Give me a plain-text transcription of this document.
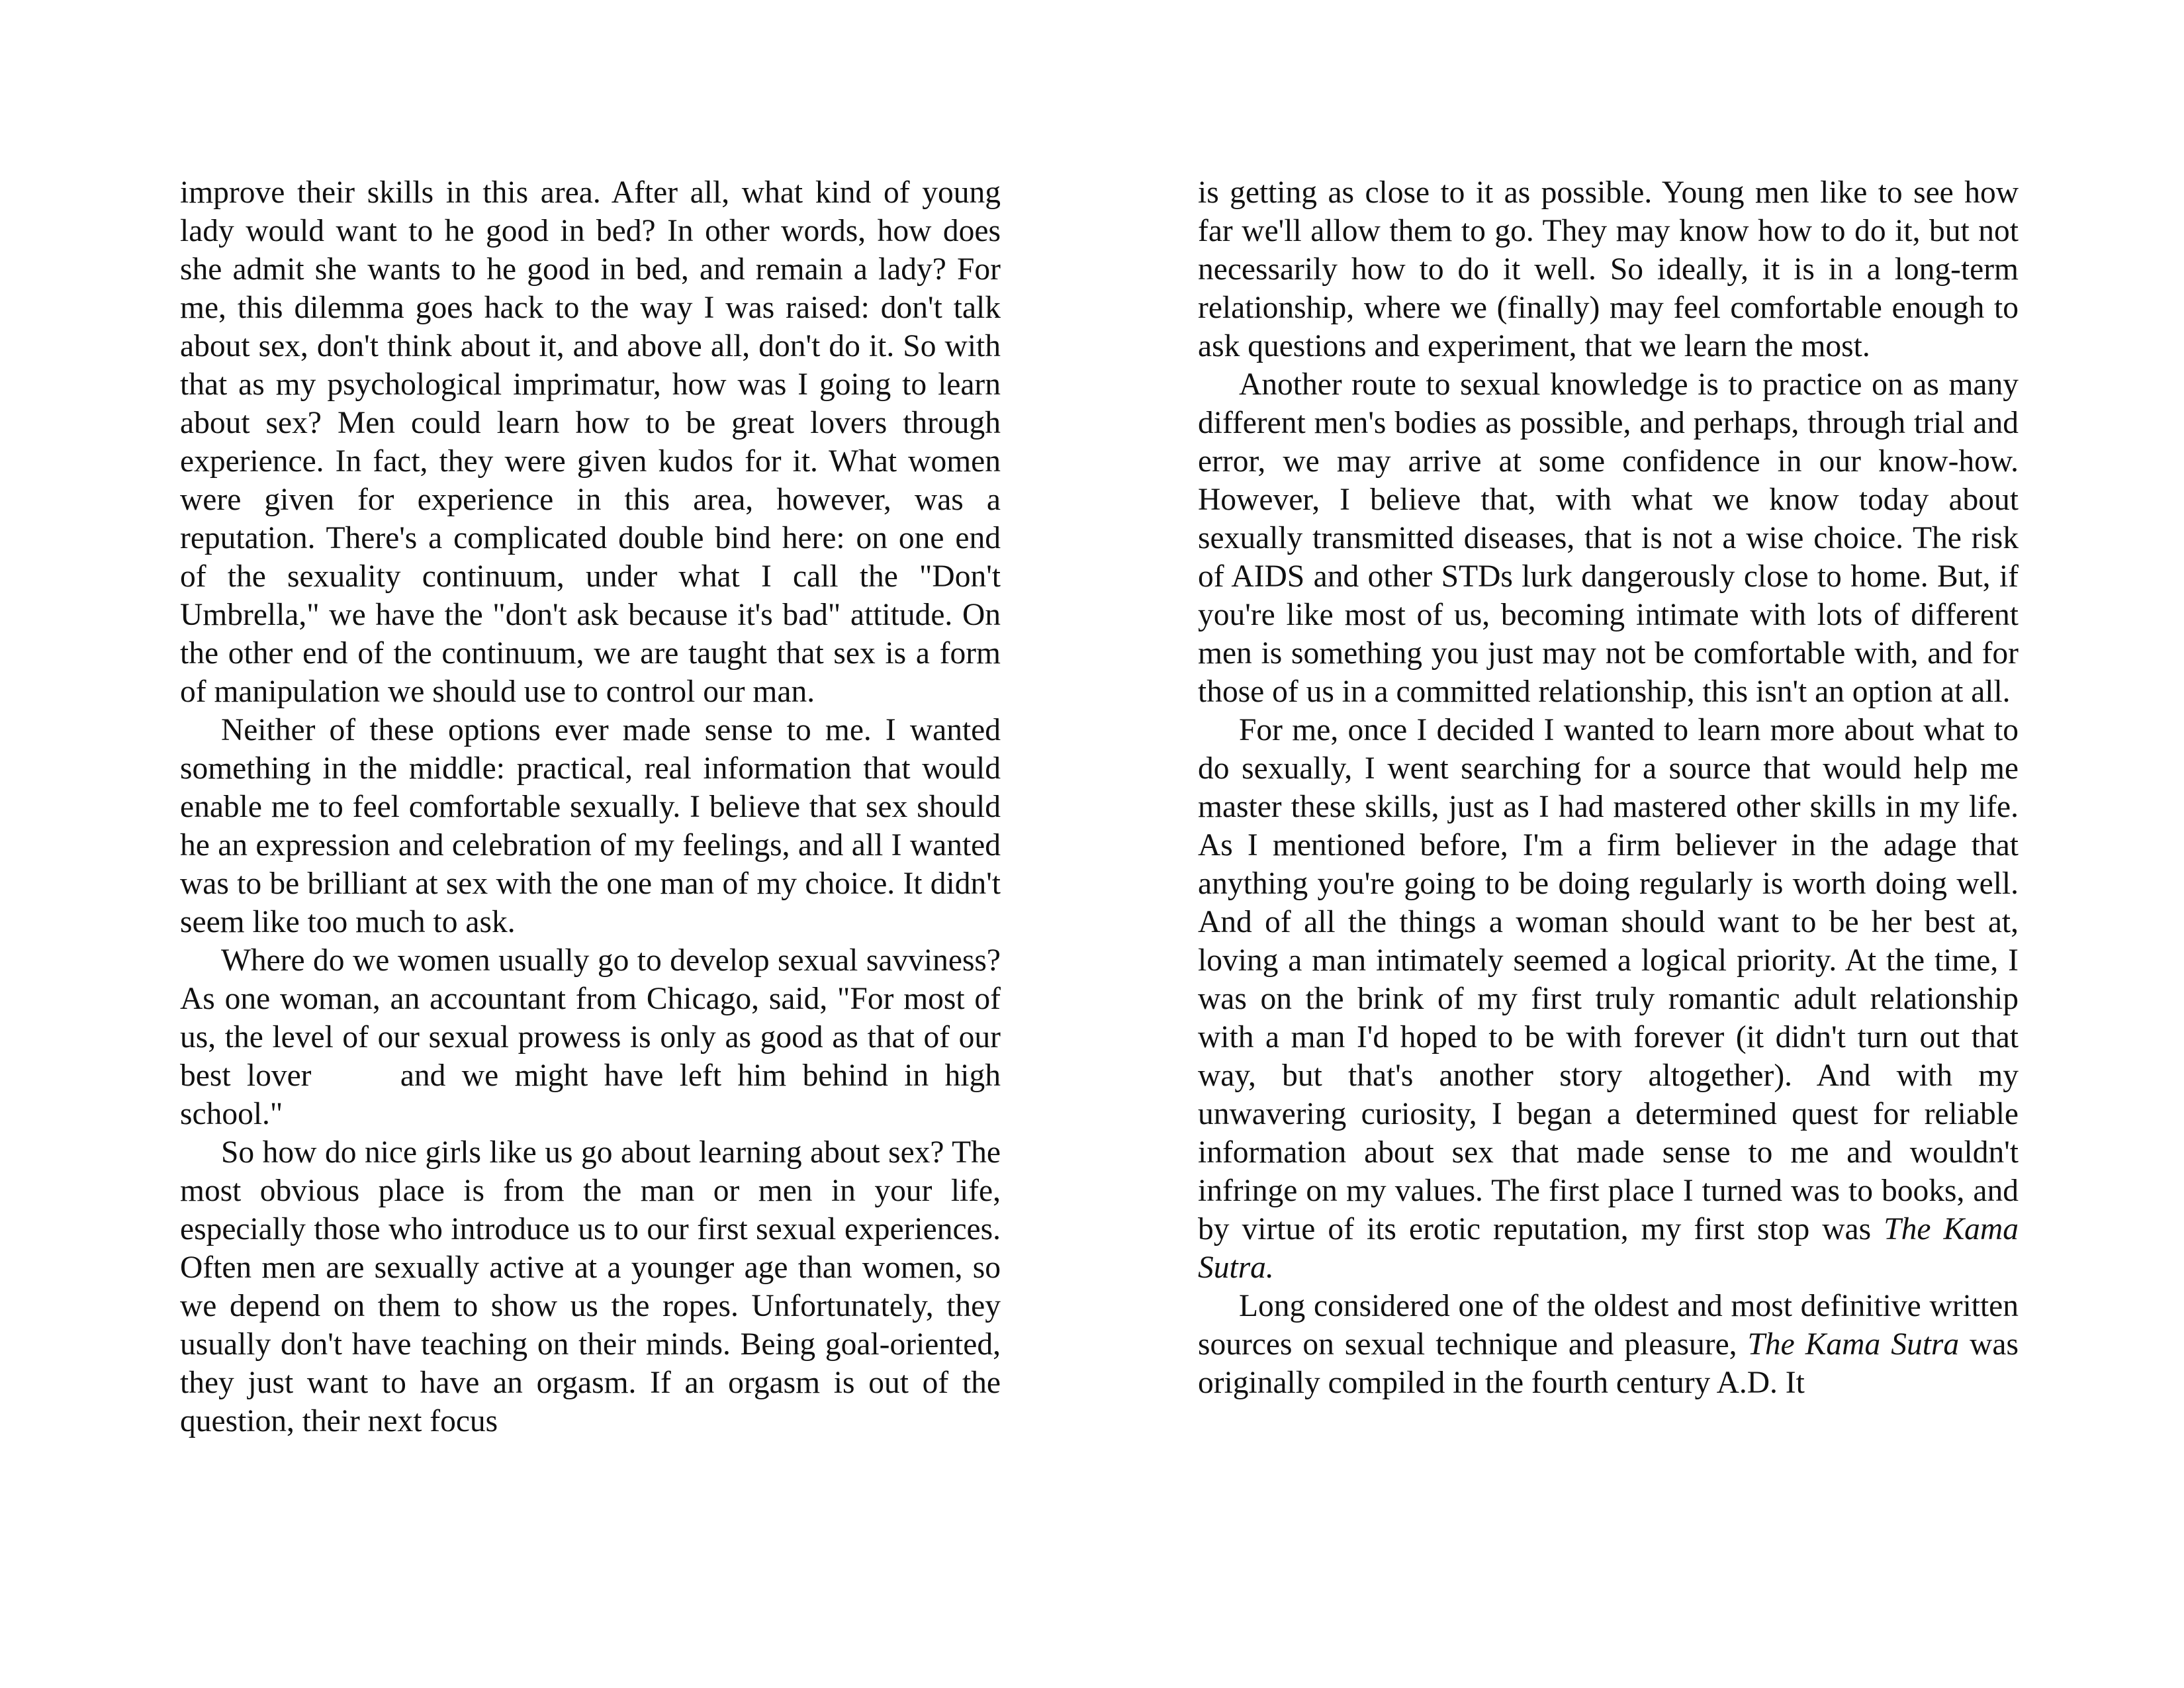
improve their skills in this area. After all, what kind of young lady would want to he good in bed? In other words, how does she admit she wants to he good in bed, and remain a lady? For me, this dilemma goes hack to the way I was raised: don't talk about sex, don't think about it, and above all, don't do it. So with that as my psychological imprimatur, how was I going to learn about sex? Men could learn how to be great lovers through experience. In fact, they were given kudos for it. What women were given for experience in this area, however, was a reputation. There's a complicated double bind here: on one end of the sexuality continuum, under what I call the "Don't Umbrella," we have the "don't ask because it's bad" attitude. On the other end of the continuum, we are taught that sex is a form of manipulation we should use to control our man.

Neither of these options ever made sense to me. I wanted something in the middle: practical, real information that would enable me to feel comfortable sexually. I believe that sex should he an expression and celebration of my feelings, and all I wanted was to be brilliant at sex with the one man of my choice. It didn't seem like too much to ask.

Where do we women usually go to develop sexual savviness? As one woman, an accountant from Chicago, said, "For most of us, the level of our sexual prowess is only as good as that of our best lover	and we might have left him behind in high school."

So how do nice girls like us go about learning about sex? The most obvious place is from the man or men in your life, especially those who introduce us to our first sexual experiences. Often men are sexually active at a younger age than women, so we depend on them to show us the ropes. Unfortunately, they usually don't have teaching on their minds. Being goal-oriented, they just want to have an orgasm. If an orgasm is out of the question, their next focus

is getting as close to it as possible. Young men like to see how far we'll allow them to go. They may know how to do it, but not necessarily how to do it well. So ideally, it is in a long-term relationship, where we (finally) may feel comfortable enough to ask questions and experiment, that we learn the most.

Another route to sexual knowledge is to practice on as many different men's bodies as possible, and perhaps, through trial and error, we may arrive at some confidence in our know-how. However, I believe that, with what we know today about sexually transmitted diseases, that is not a wise choice. The risk of AIDS and other STDs lurk dangerously close to home. But, if you're like most of us, becoming intimate with lots of different men is something you just may not be comfortable with, and for those of us in a committed relationship, this isn't an option at all.

For me, once I decided I wanted to learn more about what to do sexually, I went searching for a source that would help me master these skills, just as I had mastered other skills in my life. As I mentioned before, I'm a firm believer in the adage that anything you're going to be doing regularly is worth doing well. And of all the things a woman should want to be her best at, loving a man intimately seemed a logical priority. At the time, I was on the brink of my first truly romantic adult relationship with a man I'd hoped to be with forever (it didn't turn out that way, but that's another story altogether). And with my unwavering curiosity, I began a determined quest for reliable information about sex that made sense to me and wouldn't infringe on my values. The first place I turned was to books, and by virtue of its erotic reputation, my first stop was The Kama Sutra.

Long considered one of the oldest and most definitive written sources on sexual technique and pleasure, The Kama Sutra was originally compiled in the fourth century A.D. It
